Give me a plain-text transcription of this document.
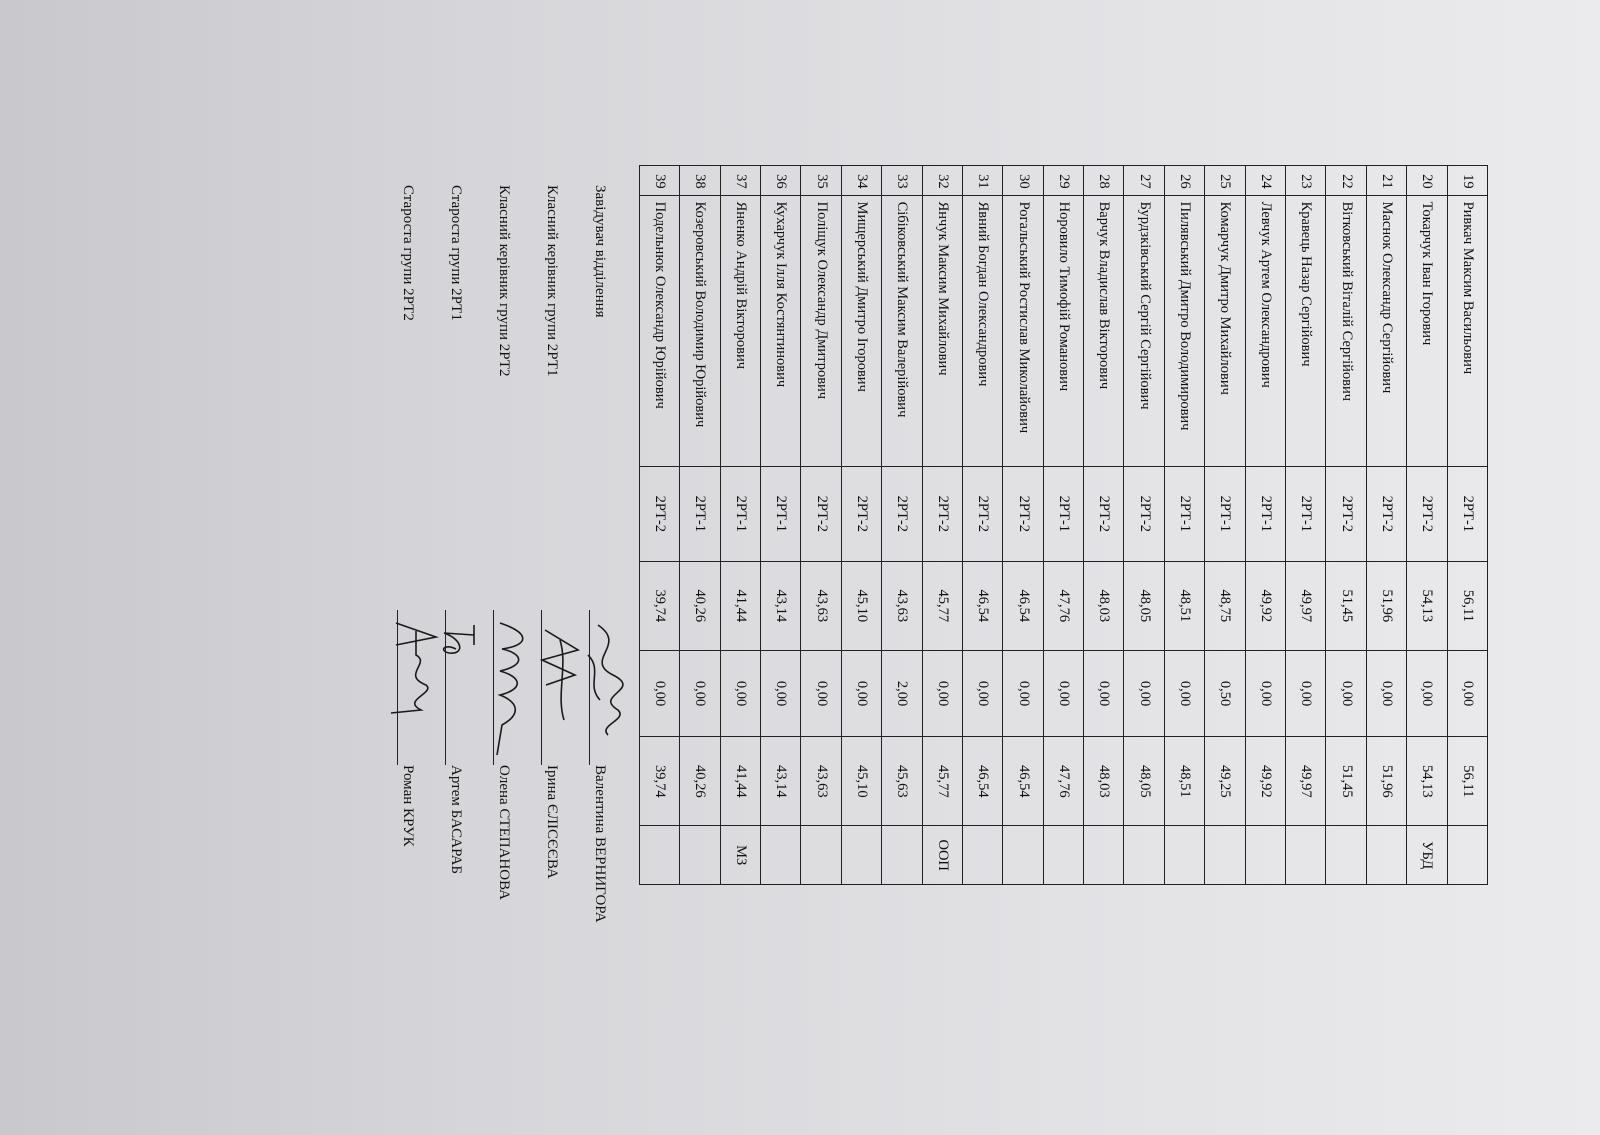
19	Ривкач Максим Васильович	2РТ-1	56,11	0,00	56,11	
20	Токарчук Іван Ігорович	2РТ-2	54,13	0,00	54,13	УБД
21	Маснок Олександр Сергійович	2РТ-2	51,96	0,00	51,96	
22	Вітковський Віталій Сергійович	2РТ-2	51,45	0,00	51,45	
23	Кравець Назар Сергійович	2РТ-1	49,97	0,00	49,97	
24	Левчук Артем Олександрович	2РТ-1	49,92	0,00	49,92	
25	Комарчук Дмитро Михайлович	2РТ-1	48,75	0,50	49,25	
26	Пилявський Дмитро Володимирович	2РТ-1	48,51	0,00	48,51	
27	Бурдзківський Сергій Сергійович	2РТ-2	48,05	0,00	48,05	
28	Варчук Владислав Вікторович	2РТ-2	48,03	0,00	48,03	
29	Норовило Тимофій Романович	2РТ-1	47,76	0,00	47,76	
30	Рогальський Ростислав Миколайович	2РТ-2	46,54	0,00	46,54	
31	Явний Богдан Олександрович	2РТ-2	46,54	0,00	46,54	
32	Янчук Максим Михайлович	2РТ-2	45,77	0,00	45,77	ООП
33	Сібіковський Максим Валерійович	2РТ-2	43,63	2,00	45,63	
34	Мищерський Дмитро Ігорович	2РТ-2	45,10	0,00	45,10	
35	Поліщук Олександр Дмитрович	2РТ-2	43,63	0,00	43,63	
36	Кухарчук Ілля Костянтинович	2РТ-1	43,14	0,00	43,14	
37	Яненко Андрій Вікторович	2РТ-1	41,44	0,00	41,44	МЗ
38	Козеровський Володимир Юрійович	2РТ-1	40,26	0,00	40,26	
39	Подельнюк Олександр Юрійович	2РТ-2	39,74	0,00	39,74	
Завідувач відділення
Валентина ВЕРНИГОРА
Класний керівник групи 2РТ1
Ірина ЄЛІСЄЄВА
Класний керівник групи 2РТ2
Олена СТЕПАНОВА
Староста групи 2РТ1
Артем БАСАРАБ
Староста групи 2РТ2
Роман КРУК
